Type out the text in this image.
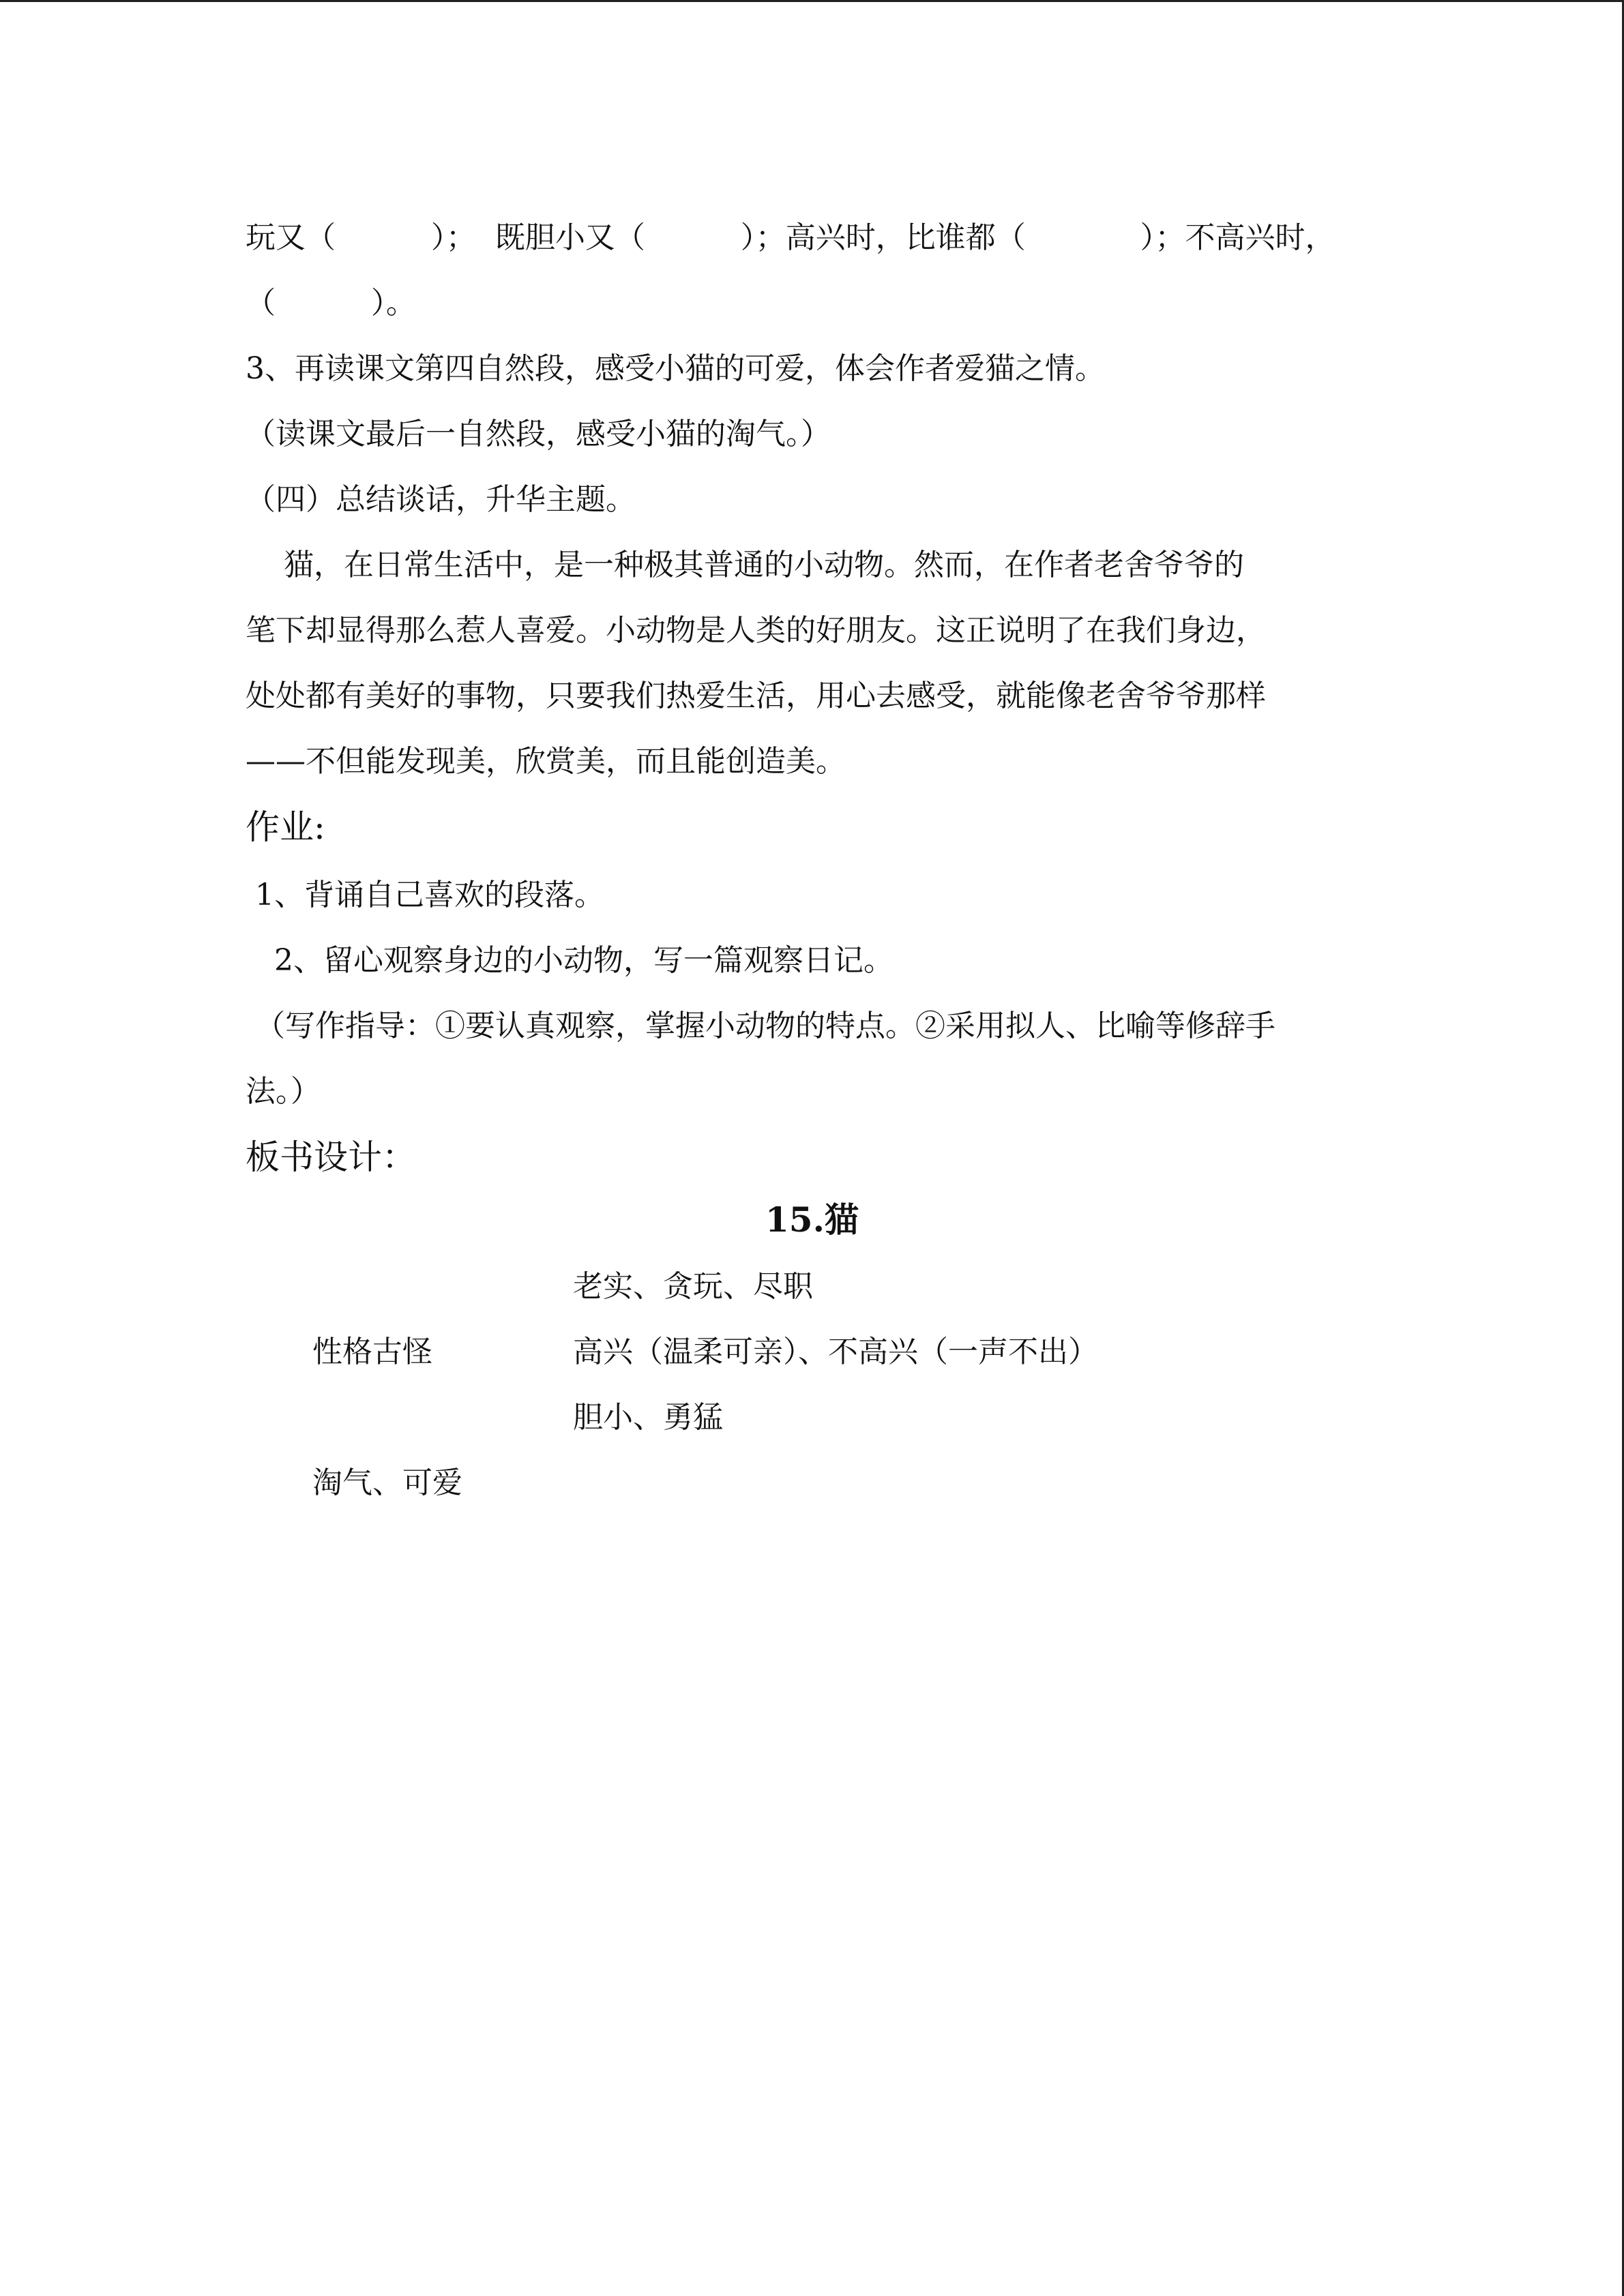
玩又（          ）；  既胆小又（          ）；高兴时，比谁都（            ）；不高兴时，
（          ）。
3、再读课文第四自然段，感受小猫的可爱，体会作者爱猫之情。
（读课文最后一自然段，感受小猫的淘气。）
（四）总结谈话，升华主题。
猫，在日常生活中，是一种极其普通的小动物。然而，在作者老舍爷爷的
笔下却显得那么惹人喜爱。小动物是人类的好朋友。这正说明了在我们身边，
处处都有美好的事物，只要我们热爱生活，用心去感受，就能像老舍爷爷那样
——不但能发现美，欣赏美，而且能创造美。
作业:
1、背诵自己喜欢的段落。
2、留心观察身边的小动物，写一篇观察日记。
（写作指导：①要认真观察，掌握小动物的特点。②采用拟人、比喻等修辞手
法。）
板书设计：
15.猫
老实、贪玩、尽职
性格古怪	高兴（温柔可亲）、不高兴（一声不出）
胆小、勇猛
淘气、可爱
